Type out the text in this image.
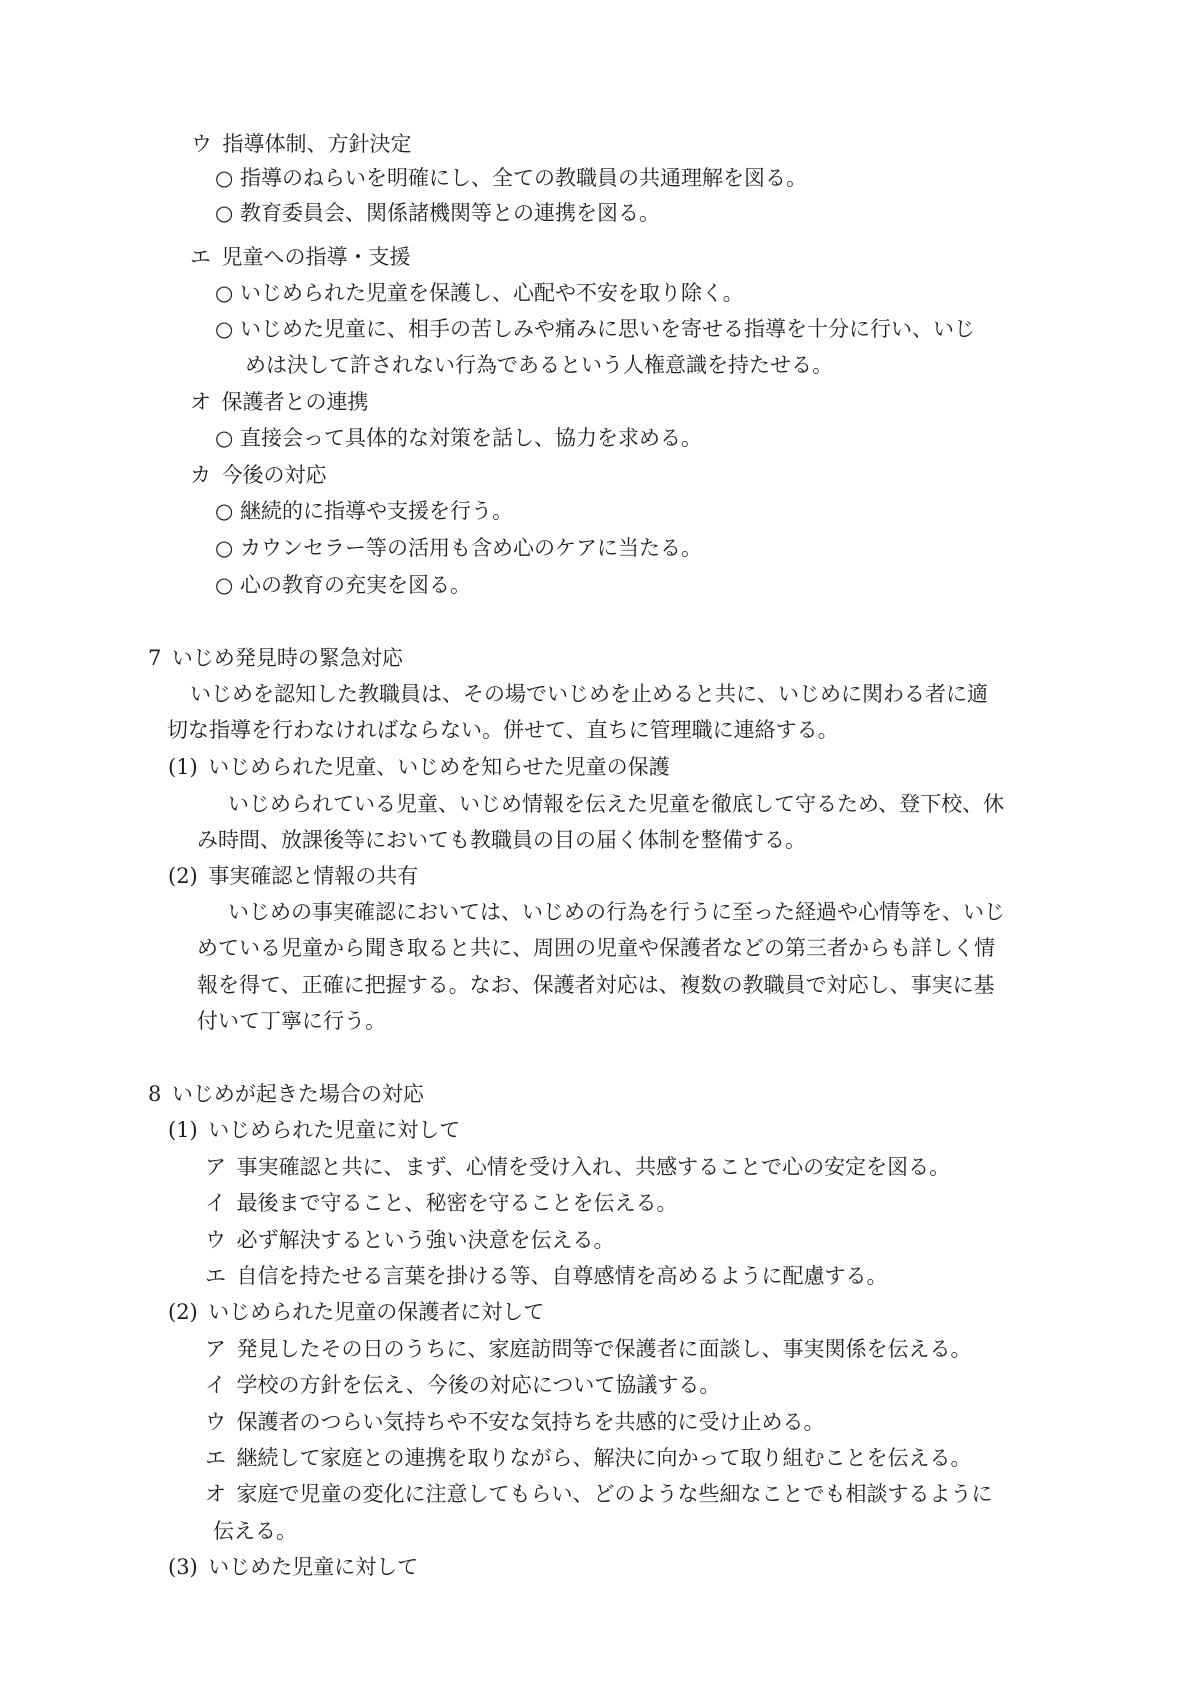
ウ 指導体制、方針決定

○ 指導のねらいを明確にし、全ての教職員の共通理解を図る。

○ 教育委員会、関係諸機関等との連携を図る。

エ 児童への指導・支援

○ いじめられた児童を保護し、心配や不安を取り除く。

○ いじめた児童に、相手の苦しみや痛みに思いを寄せる指導を十分に行い、いじ

めは決して許されない行為であるという人権意識を持たせる。

オ 保護者との連携

○ 直接会って具体的な対策を話し、協力を求める。

カ 今後の対応

○ 継続的に指導や支援を行う。

○ カウンセラー等の活用も含め心のケアに当たる。

○ 心の教育の充実を図る。

7 いじめ発見時の緊急対応

いじめを認知した教職員は、その場でいじめを止めると共に、いじめに関わる者に適

切な指導を行わなければならない。併せて、直ちに管理職に連絡する。

(1) いじめられた児童、いじめを知らせた児童の保護

いじめられている児童、いじめ情報を伝えた児童を徹底して守るため、登下校、休

み時間、放課後等においても教職員の目の届く体制を整備する。

(2) 事実確認と情報の共有

いじめの事実確認においては、いじめの行為を行うに至った経過や心情等を、いじ

めている児童から聞き取ると共に、周囲の児童や保護者などの第三者からも詳しく情

報を得て、正確に把握する。なお、保護者対応は、複数の教職員で対応し、事実に基

付いて丁寧に行う。

8 いじめが起きた場合の対応

(1) いじめられた児童に対して

ア 事実確認と共に、まず、心情を受け入れ、共感することで心の安定を図る。

イ 最後まで守ること、秘密を守ることを伝える。

ウ 必ず解決するという強い決意を伝える。

エ 自信を持たせる言葉を掛ける等、自尊感情を高めるように配慮する。

(2) いじめられた児童の保護者に対して

ア 発見したその日のうちに、家庭訪問等で保護者に面談し、事実関係を伝える。

イ 学校の方針を伝え、今後の対応について協議する。

ウ 保護者のつらい気持ちや不安な気持ちを共感的に受け止める。

エ 継続して家庭との連携を取りながら、解決に向かって取り組むことを伝える。

オ 家庭で児童の変化に注意してもらい、どのような些細なことでも相談するように

伝える。

(3) いじめた児童に対して
